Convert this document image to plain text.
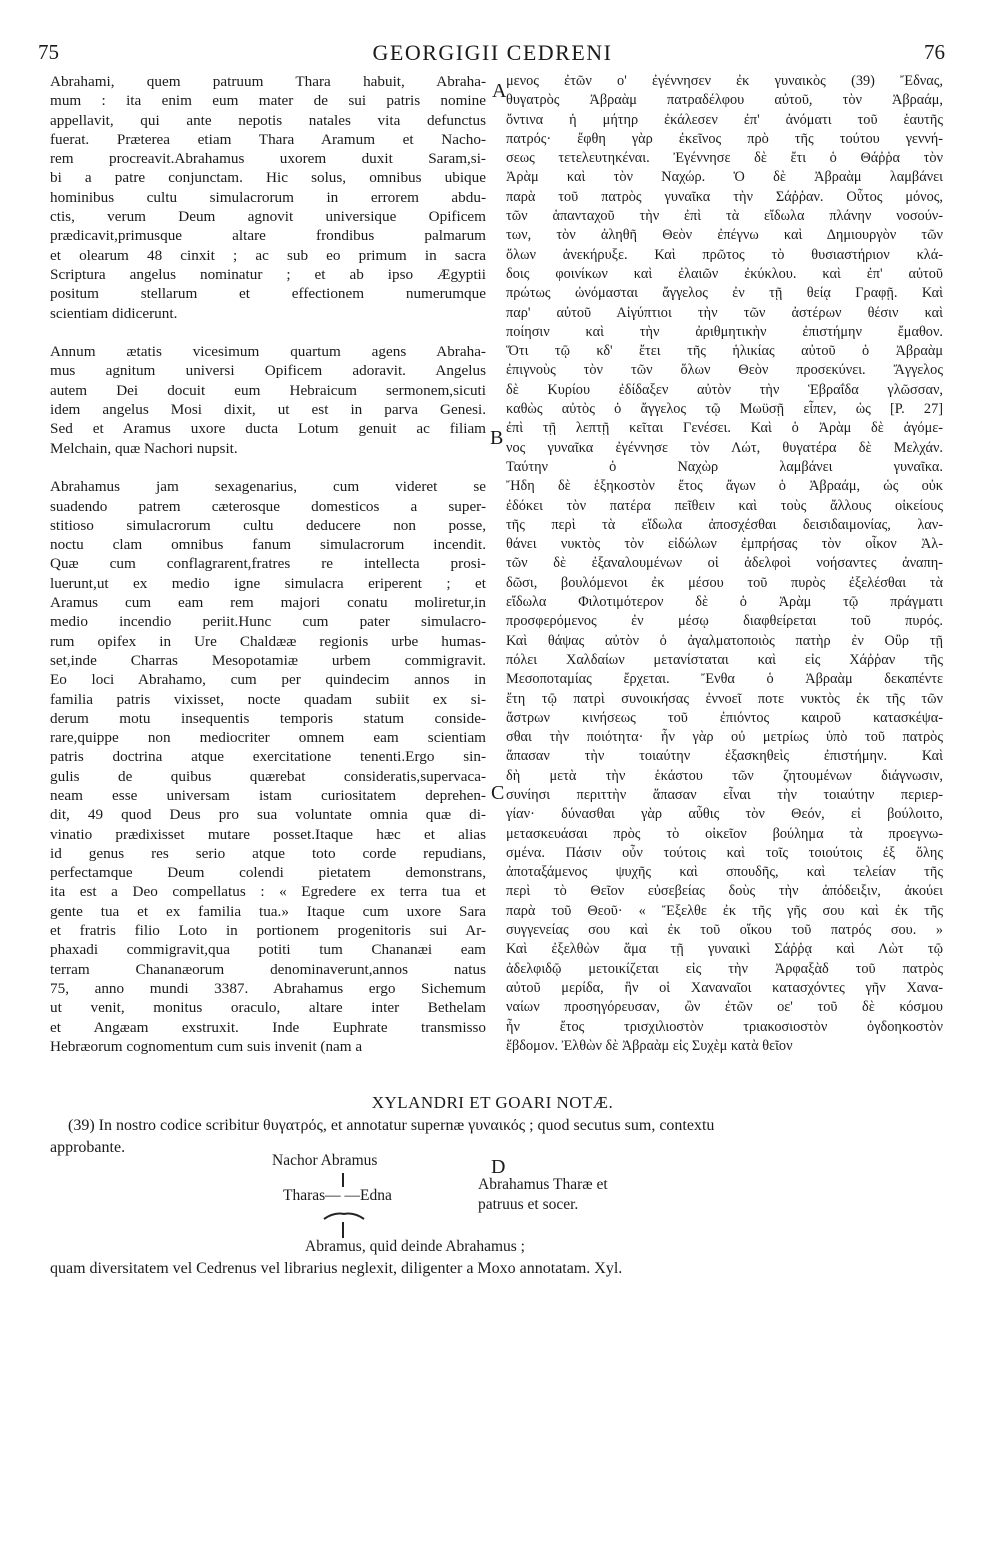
75	GEORGIGII CEDRENI	76
Abrahami, quem patruum Thara habuit, Abraha-
mum : ita enim eum mater de sui patris nomine
appellavit, qui ante nepotis natales vita defunctus
fuerat. Præterea etiam Thara Aramum et Nacho-
rem procreavit.Abrahamus uxorem duxit Saram,si-
bi a patre conjunctam. Hic solus, omnibus ubique
hominibus cultu simulacrorum in errorem abdu-
ctis, verum Deum agnovit universique Opificem
prædicavit,primusque altare frondibus palmarum
et olearum 48 cinxit ; ac sub eo primum in sacra
Scriptura angelus nominatur ; et ab ipso Ægyptii
positum stellarum et effectionem numerumque
scientiam didicerunt.
Annum ætatis vicesimum quartum agens Abraha-
mus agnitum universi Opificem adoravit. Angelus
autem Dei docuit eum Hebraicum sermonem,sicuti
idem angelus Mosi dixit, ut est in parva Genesi.
Sed et Aramus uxore ducta Lotum genuit ac filiam
Melchain, quæ Nachori nupsit.
Abrahamus jam sexagenarius, cum videret se
suadendo patrem cæterosque domesticos a super-
stitioso simulacrorum cultu deducere non posse,
noctu clam omnibus fanum simulacrorum incendit.
Quæ cum conflagrarent,fratres re intellecta prosi-
luerunt,ut ex medio igne simulacra eriperent ; et
Aramus cum eam rem majori conatu moliretur,in
medio incendio periit.Hunc cum pater simulacro-
rum opifex in Ure Chaldææ regionis urbe humas-
set,inde Charras Mesopotamiæ urbem commigravit.
Eo loci Abrahamo, cum per quindecim annos in
familia patris vixisset, nocte quadam subiit ex si-
derum motu insequentis temporis statum conside-
rare,quippe non mediocriter omnem eam scientiam
patris doctrina atque exercitatione tenenti.Ergo sin-
gulis de quibus quærebat consideratis,supervaca-
neam esse universam istam curiositatem deprehen-
dit, 49 quod Deus pro sua voluntate omnia quæ di-
vinatio prædixisset mutare posset.Itaque hæc et alias
id genus res serio atque toto corde repudians,
perfectamque Deum colendi pietatem demonstrans,
ita est a Deo compellatus : « Egredere ex terra tua et
gente tua et ex familia tua.» Itaque cum uxore Sara
et fratris filio Loto in portionem progenitoris sui Ar-
phaxadi commigravit,qua potiti tum Chananæi eam
terram Chananæorum denominaverunt,annos natus
75, anno mundi 3387. Abrahamus ergo Sichemum
ut venit, monitus oraculo, altare inter Bethelam
et Angæam exstruxit. Inde Euphrate transmisso
Hebræorum cognomentum cum suis invenit (nam a
μενος ἐτῶν ο' ἐγέννησεν ἐκ γυναικὸς (39) Ἔδνας,
θυγατρὸς Ἀβραὰμ πατραδέλφου αὐτοῦ, τὸν Ἀβραάμ,
ὄντινα ἡ μήτηρ ἐκάλεσεν ἐπ' ἀνόματι τοῦ ἑαυτῆς
πατρός· ἔφθη γὰρ ἐκεῖνος πρὸ τῆς τούτου γεννή-
σεως τετελευτηκέναι. Ἐγέννησε δὲ ἔτι ὁ Θάῤῥα τὸν
Ἀρὰμ καὶ τὸν Ναχώρ. Ὁ δὲ Ἀβραὰμ λαμβάνει
παρὰ τοῦ πατρὸς γυναῖκα τὴν Σάῤῥαν. Οὗτος μόνος,
τῶν ἁπανταχοῦ τὴν ἐπὶ τὰ εἴδωλα πλάνην νοσούν-
των, τὸν ἀληθῆ Θεὸν ἐπέγνω καὶ Δημιουργὸν τῶν
ὅλων ἀνεκήρυξε. Καὶ πρῶτος τὸ θυσιαστήριον κλά-
δοις φοινίκων καὶ ἐλαιῶν ἐκύκλου. καὶ ἐπ' αὐτοῦ
πρώτως ὠνόμασται ἄγγελος ἐν τῇ θείᾳ Γραφῇ. Καὶ
παρ' αὐτοῦ Αἰγύπτιοι τὴν τῶν ἀστέρων θέσιν καὶ
ποίησιν καὶ τὴν ἀριθμητικὴν ἐπιστήμην ἔμαθον.
Ὅτι τῷ κδ' ἔτει τῆς ἡλικίας αὐτοῦ ὁ Ἀβραὰμ
ἐπιγνοὺς τὸν τῶν ὅλων Θεὸν προσεκύνει. Ἄγγελος
δὲ Κυρίου ἐδίδαξεν αὐτὸν τὴν Ἑβραΐδα γλῶσσαν,
καθὼς αὐτὸς ὁ ἄγγελος τῷ Μωϋσῇ εἶπεν, ὡς [P. 27]
ἐπὶ τῇ λεπτῇ κεῖται Γενέσει. Καὶ ὁ Ἀρὰμ δὲ ἀγόμε-
νος γυναῖκα ἐγέννησε τὸν Λώτ, θυγατέρα δὲ Μελχάν.
Ταύτην ὁ Ναχὼρ λαμβάνει γυναῖκα.
Ἤδη δὲ ἑξηκοστὸν ἔτος ἄγων ὁ Ἀβραάμ, ὡς οὐκ
ἐδόκει τὸν πατέρα πεῖθειν καὶ τοὺς ἄλλους οἰκείους
τῆς περὶ τὰ εἴδωλα ἀποσχέσθαι δεισιδαιμονίας, λαν-
θάνει νυκτὸς τὸν εἰδώλων ἐμπρήσας τὸν οἶκον Ἀλ-
τῶν δὲ ἐξαναλουμένων οἱ ἀδελφοὶ νοήσαντες ἀναπη-
δῶσι, βουλόμενοι ἐκ μέσου τοῦ πυρὸς ἐξελέσθαι τὰ
εἴδωλα Φιλοτιμότερον δὲ ὁ Ἀρὰμ τῷ πράγματι
προσφερόμενος ἐν μέσῳ διαφθείρεται τοῦ πυρός.
Καὶ θάψας αὐτὸν ὁ ἀγαλματοποιὸς πατὴρ ἐν Οὒρ τῇ
πόλει Χαλδαίων μετανίσταται καὶ εἰς Χάῤῥαν τῆς
Μεσοποταμίας ἔρχεται. Ἔνθα ὁ Ἀβραὰμ δεκαπέντε
ἔτη τῷ πατρὶ συνοικήσας ἐννοεῖ ποτε νυκτὸς ἐκ τῆς τῶν
ἄστρων κινήσεως τοῦ ἐπιόντος καιροῦ κατασκέψα-
σθαι τὴν ποιότητα· ἦν γὰρ οὐ μετρίως ὑπὸ τοῦ πατρὸς
ἅπασαν τὴν τοιαύτην ἐξασκηθεὶς ἐπιστήμην. Καὶ
δὴ μετὰ τὴν ἑκάστου τῶν ζητουμένων διάγνωσιν,
συνίησι περιττὴν ἅπασαν εἶναι τὴν τοιαύτην περιερ-
γίαν· δύνασθαι γὰρ αὖθις τὸν Θεόν, εἰ βούλοιτο,
μετασκευάσαι πρὸς τὸ οἰκεῖον βούλημα τὰ προεγνω-
σμένα. Πάσιν οὖν τούτοις καὶ τοῖς τοιούτοις ἐξ ὅλης
ἀποταξάμενος ψυχῆς καὶ σπουδῆς, καὶ τελείαν τῆς
περὶ τὸ Θεῖον εὐσεβείας δοὺς τὴν ἀπόδειξιν, ἀκούει
παρὰ τοῦ Θεοῦ· « Ἔξελθε ἐκ τῆς γῆς σου καὶ ἐκ τῆς
συγγενείας σου καὶ ἐκ τοῦ οἴκου τοῦ πατρός σου. »
Καὶ ἐξελθὼν ἅμα τῇ γυναικὶ Σάῤῥᾳ καὶ Λὼτ τῷ
ἀδελφιδῷ μετοικίζεται εἰς τὴν Ἀρφαξὰδ τοῦ πατρὸς
αὐτοῦ μερίδα, ἣν οἱ Χαναναῖοι κατασχόντες γῆν Χανα-
ναίων προσηγόρευσαν, ὢν ἐτῶν οε' τοῦ δὲ κόσμου
ἦν ἔτος τρισχιλιοστὸν τριακοσιοστὸν ὀγδοηκοστὸν
ἕβδομον. Ἐλθὼν δὲ Ἀβραὰμ εἰς Συχὲμ κατὰ θεῖον
A
B
C
D
XYLANDRI ET GOARI NOTÆ.
(39) In nostro codice scribitur θυγατρός, et annotatur supernæ γυναικός ; quod secutus sum, contextu
approbante.
Nachor Abramus
Tharas— —Edna
Abrahamus Tharæ et
patruus et socer.
Abramus, quid deinde Abrahamus ;
quam diversitatem vel Cedrenus vel librarius neglexit, diligenter a Moxo annotatam. Xyl.
